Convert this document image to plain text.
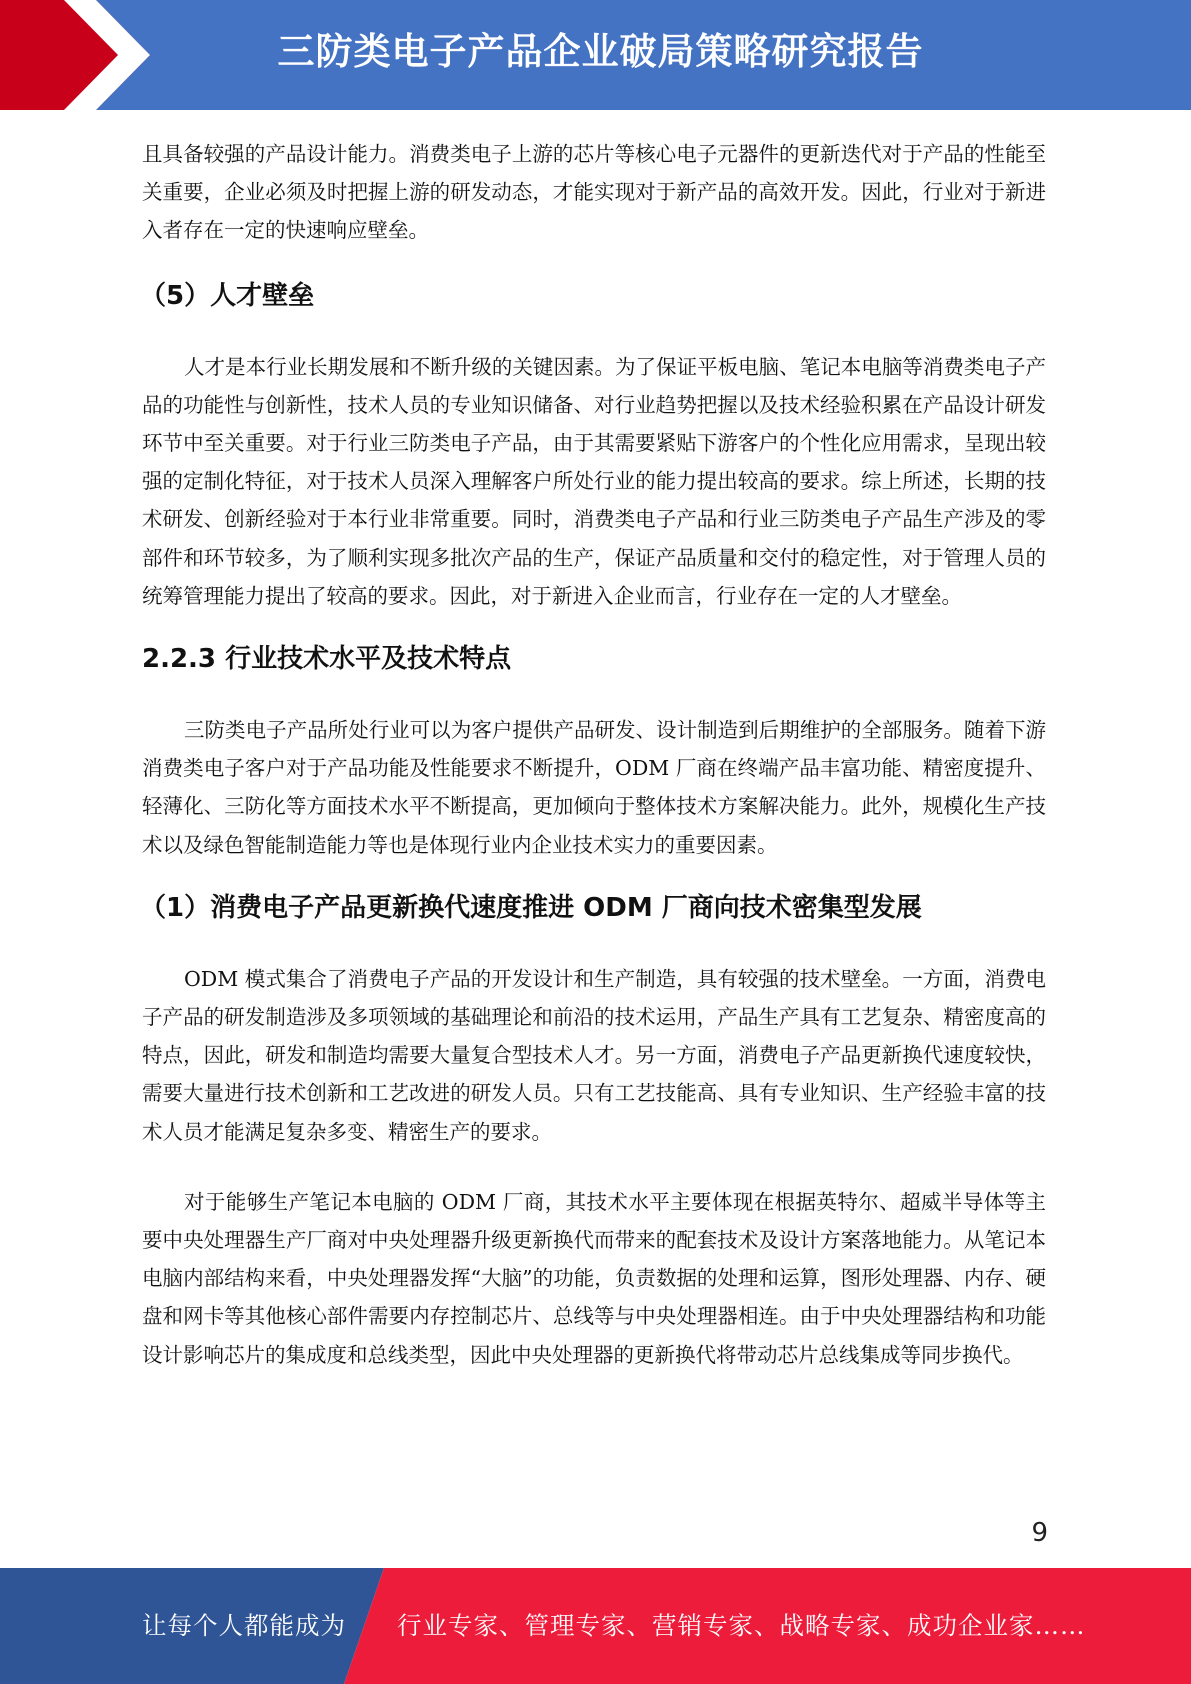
三防类电子产品企业破局策略研究报告

且具备较强的产品设计能力。消费类电子上游的芯片等核心电子元器件的更新迭代对于产品的性能至关重要，企业必须及时把握上游的研发动态，才能实现对于新产品的高效开发。因此，行业对于新进入者存在一定的快速响应壁垒。

（5）人才壁垒

人才是本行业长期发展和不断升级的关键因素。为了保证平板电脑、笔记本电脑等消费类电子产品的功能性与创新性，技术人员的专业知识储备、对行业趋势把握以及技术经验积累在产品设计研发环节中至关重要。对于行业三防类电子产品，由于其需要紧贴下游客户的个性化应用需求，呈现出较强的定制化特征，对于技术人员深入理解客户所处行业的能力提出较高的要求。综上所述，长期的技术研发、创新经验对于本行业非常重要。同时，消费类电子产品和行业三防类电子产品生产涉及的零部件和环节较多，为了顺利实现多批次产品的生产，保证产品质量和交付的稳定性，对于管理人员的统筹管理能力提出了较高的要求。因此，对于新进入企业而言，行业存在一定的人才壁垒。

2.2.3 行业技术水平及技术特点

三防类电子产品所处行业可以为客户提供产品研发、设计制造到后期维护的全部服务。随着下游消费类电子客户对于产品功能及性能要求不断提升，ODM 厂商在终端产品丰富功能、精密度提升、轻薄化、三防化等方面技术水平不断提高，更加倾向于整体技术方案解决能力。此外，规模化生产技术以及绿色智能制造能力等也是体现行业内企业技术实力的重要因素。

（1）消费电子产品更新换代速度推进 ODM 厂商向技术密集型发展

ODM 模式集合了消费电子产品的开发设计和生产制造，具有较强的技术壁垒。一方面，消费电子产品的研发制造涉及多项领域的基础理论和前沿的技术运用，产品生产具有工艺复杂、精密度高的特点，因此，研发和制造均需要大量复合型技术人才。另一方面，消费电子产品更新换代速度较快，需要大量进行技术创新和工艺改进的研发人员。只有工艺技能高、具有专业知识、生产经验丰富的技术人员才能满足复杂多变、精密生产的要求。

对于能够生产笔记本电脑的 ODM 厂商，其技术水平主要体现在根据英特尔、超威半导体等主要中央处理器生产厂商对中央处理器升级更新换代而带来的配套技术及设计方案落地能力。从笔记本电脑内部结构来看，中央处理器发挥“大脑”的功能，负责数据的处理和运算，图形处理器、内存、硬盘和网卡等其他核心部件需要内存控制芯片、总线等与中央处理器相连。由于中央处理器结构和功能设计影响芯片的集成度和总线类型，因此中央处理器的更新换代将带动芯片总线集成等同步换代。

9
让每个人都能成为 行业专家、管理专家、营销专家、战略专家、成功企业家……
